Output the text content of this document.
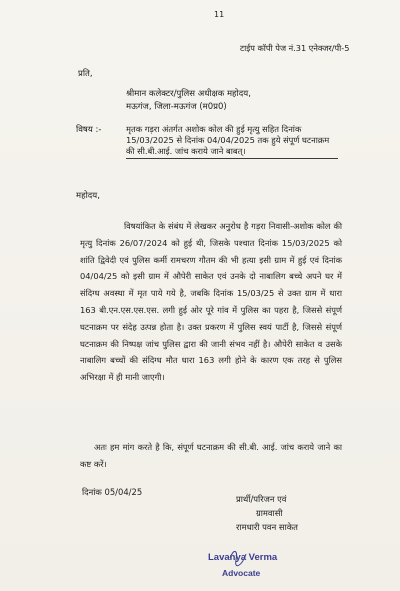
11
टाईप कॉपी पेज नं.31 एनेक्जर/पी-5
प्रति,
श्रीमान कलेक्टर/पुलिस अधीक्षक महोदय,
मऊगंज, जिला-मऊगंज (म0प्र0)
विषय :-	मृतक गड़रा अंतर्गत अशोक कोल की हुई मृत्यु सहित दिनांक 15/03/2025 से दिनांक 04/04/2025 तक हुये संपूर्ण घटनाक्रम की सी.बी.आई. जांच कराये जाने बाबत्।
महोदय,

विषयांकित के संबंध में लेखकर अनुरोध है गड़रा निवासी-अशोक कोल की मृत्यु दिनांक 26/07/2024 को हुई थी, जिसके पश्चात दिनांक 15/03/2025 को शांति द्विवेदी एवं पुलिस कर्मी रामचरण गौतम की भी हत्या इसी ग्राम में हुई एवं दिनांक 04/04/25 को इसी ग्राम में औपेरी साकेत एवं उनके दो नाबालिग बच्चे अपने घर में संदिग्ध अवस्था में मृत पाये गये है, जबकि दिनांक 15/03/25 से उक्त ग्राम में धारा 163 बी.एन.एस.एस.एस. लगी हुई ओर पूरे गांव में पुलिस का पहरा है, जिससे संपूर्ण घटनाक्रम पर संदेह उत्पन्न होता है। उक्त प्रकरण में पुलिस स्वयं पार्टी है, जिससे संपूर्ण घटनाक्रम की निष्पक्ष जांच पुलिस द्वारा की जानी संभव नहीं है। औपेरी साकेत व उसके नाबालिग बच्चों की संदिग्ध मौत धारा 163 लगी होने के कारण एक तरह से पुलिस अभिरक्षा में ही मानी जाएगी।

अतः हम मांग करते है कि, संपूर्ण घटनाक्रम की सी.बी. आई. जांच कराये जाने का कष्ट करें।

दिनांक 05/04/25
प्रार्थी/परिजन एवं
ग्रामवासी
रामधारी पवन साकेत
Lavanya Verma
Advocate
